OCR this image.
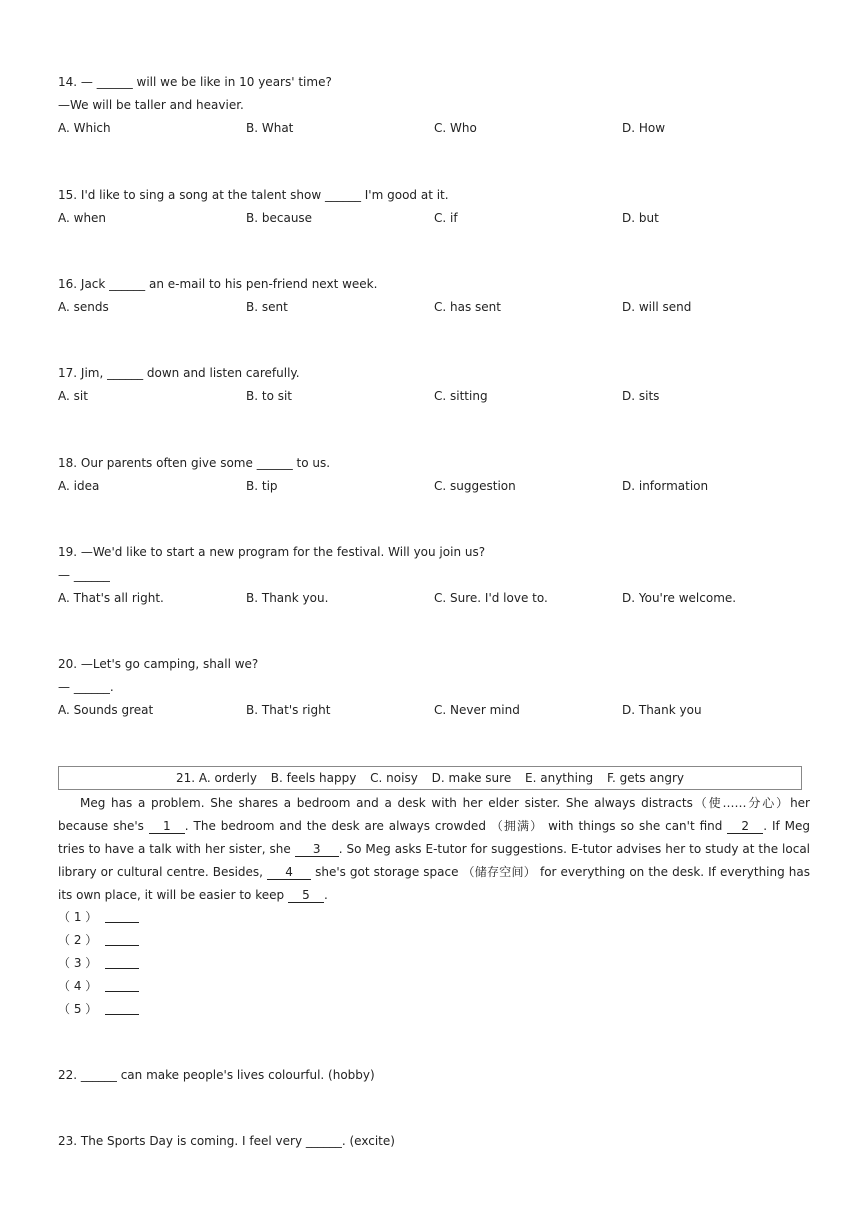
14. — ______ will we be like in 10 years' time?
—We will be taller and heavier.
A. Which	B. What	C. Who	D. How
15. I'd like to sing a song at the talent show ______ I'm good at it.
A. when	B. because	C. if	D. but
16. Jack ______ an e-mail to his pen-friend next week.
A. sends	B. sent	C. has sent	D. will send
17. Jim, ______ down and listen carefully.
A. sit	B. to sit	C. sitting	D. sits
18. Our parents often give some ______ to us.
A. idea	B. tip	C. suggestion	D. information
19. —We'd like to start a new program for the festival. Will you join us?
— ______
A. That's all right.	B. Thank you.	C. Sure. I'd love to.	D. You're welcome.
20. —Let's go camping, shall we?
— ______.
A. Sounds great	B. That's right	C. Never mind	D. Thank you
21. A. orderly B. feels happy C. noisy D. make sure E. anything F. gets angry
Meg has a problem. She shares a bedroom and a desk with her elder sister. She always distracts（使……分心）her because she's 1 . The bedroom and the desk are always crowded （拥满） with things so she can't find 2 . If Meg tries to have a talk with her sister, she 3 . So Meg asks E-tutor for suggestions. E-tutor advises her to study at the local library or cultural centre. Besides, 4 she's got storage space （储存空间） for everything on the desk. If everything has its own place, it will be easier to keep 5 .
（ 1 ）
（ 2 ）
（ 3 ）
（ 4 ）
（ 5 ）
22. ______ can make people's lives colourful. (hobby)
23. The Sports Day is coming. I feel very ______. (excite)
